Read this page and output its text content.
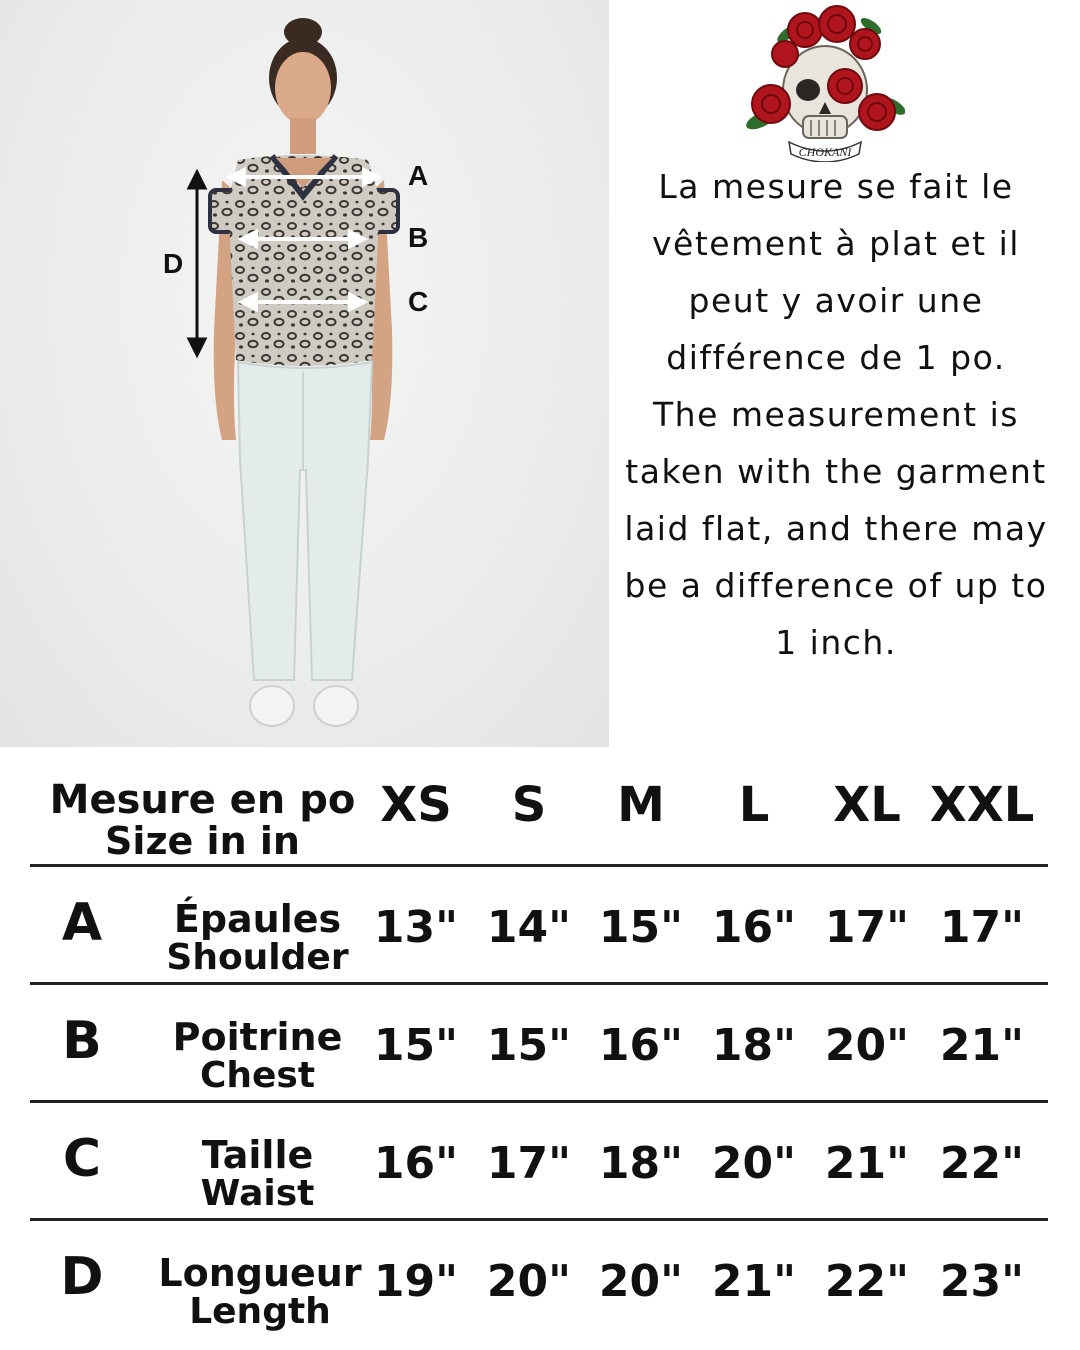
A
B
C
D
CHOKANI

La mesure se fait le vêtement à plat et il peut y avoir une différence de 1 po.

The measurement is taken with the garment laid flat, and there may be a difference of up to 1 inch.

Mesure en po
Size in in
XS	S	M	L	XL XXL
A	Épaules
Shoulder
13" 14" 15" 16" 17" 17"
B	Poitrine
Chest
15" 15" 16" 18" 20" 21"
C	Taille
Waist
16" 17" 18" 20" 21" 22"
D	Longueur
Length
19" 20" 20" 21" 22" 23"
